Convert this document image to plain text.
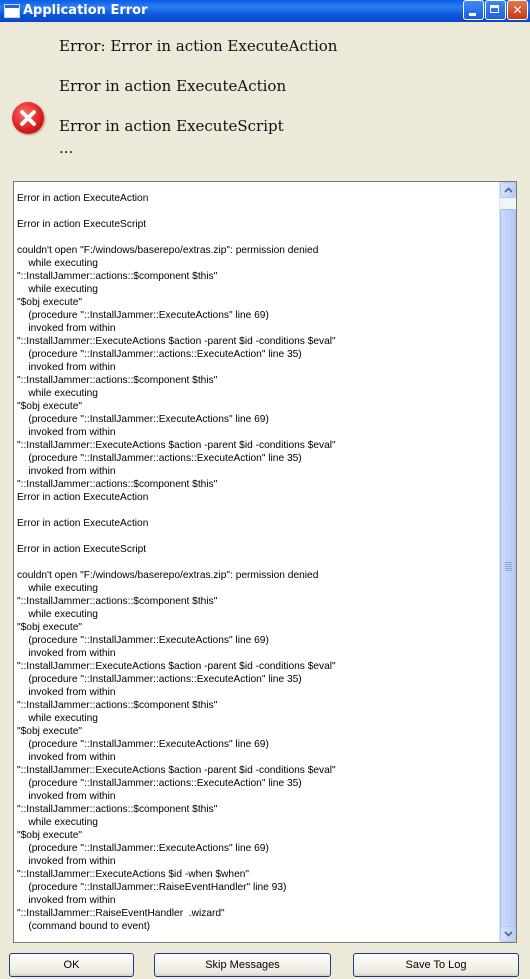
Application Error	✕
Error: Error in action ExecuteAction
Error in action ExecuteAction
Error in action ExecuteScript
...
Error in action ExecuteAction

Error in action ExecuteScript

couldn't open "F:/windows/baserepo/extras.zip": permission denied
while executing
"::InstallJammer::actions::$component $this"
while executing
"$obj execute"
(procedure "::InstallJammer::ExecuteActions" line 69)
invoked from within
"::InstallJammer::ExecuteActions $action -parent $id -conditions $eval"
(procedure "::InstallJammer::actions::ExecuteAction" line 35)
invoked from within
"::InstallJammer::actions::$component $this"
while executing
"$obj execute"
(procedure "::InstallJammer::ExecuteActions" line 69)
invoked from within
"::InstallJammer::ExecuteActions $action -parent $id -conditions $eval"
(procedure "::InstallJammer::actions::ExecuteAction" line 35)
invoked from within
"::InstallJammer::actions::$component $this"
Error in action ExecuteAction

Error in action ExecuteAction

Error in action ExecuteScript

couldn't open "F:/windows/baserepo/extras.zip": permission denied
while executing
"::InstallJammer::actions::$component $this"
while executing
"$obj execute"
(procedure "::InstallJammer::ExecuteActions" line 69)
invoked from within
"::InstallJammer::ExecuteActions $action -parent $id -conditions $eval"
(procedure "::InstallJammer::actions::ExecuteAction" line 35)
invoked from within
"::InstallJammer::actions::$component $this"
while executing
"$obj execute"
(procedure "::InstallJammer::ExecuteActions" line 69)
invoked from within
"::InstallJammer::ExecuteActions $action -parent $id -conditions $eval"
(procedure "::InstallJammer::actions::ExecuteAction" line 35)
invoked from within
"::InstallJammer::actions::$component $this"
while executing
"$obj execute"
(procedure "::InstallJammer::ExecuteActions" line 69)
invoked from within
"::InstallJammer::ExecuteActions $id -when $when"
(procedure "::InstallJammer::RaiseEventHandler" line 93)
invoked from within
"::InstallJammer::RaiseEventHandler  .wizard"
(command bound to event)
OK	Skip Messages	Save To Log
